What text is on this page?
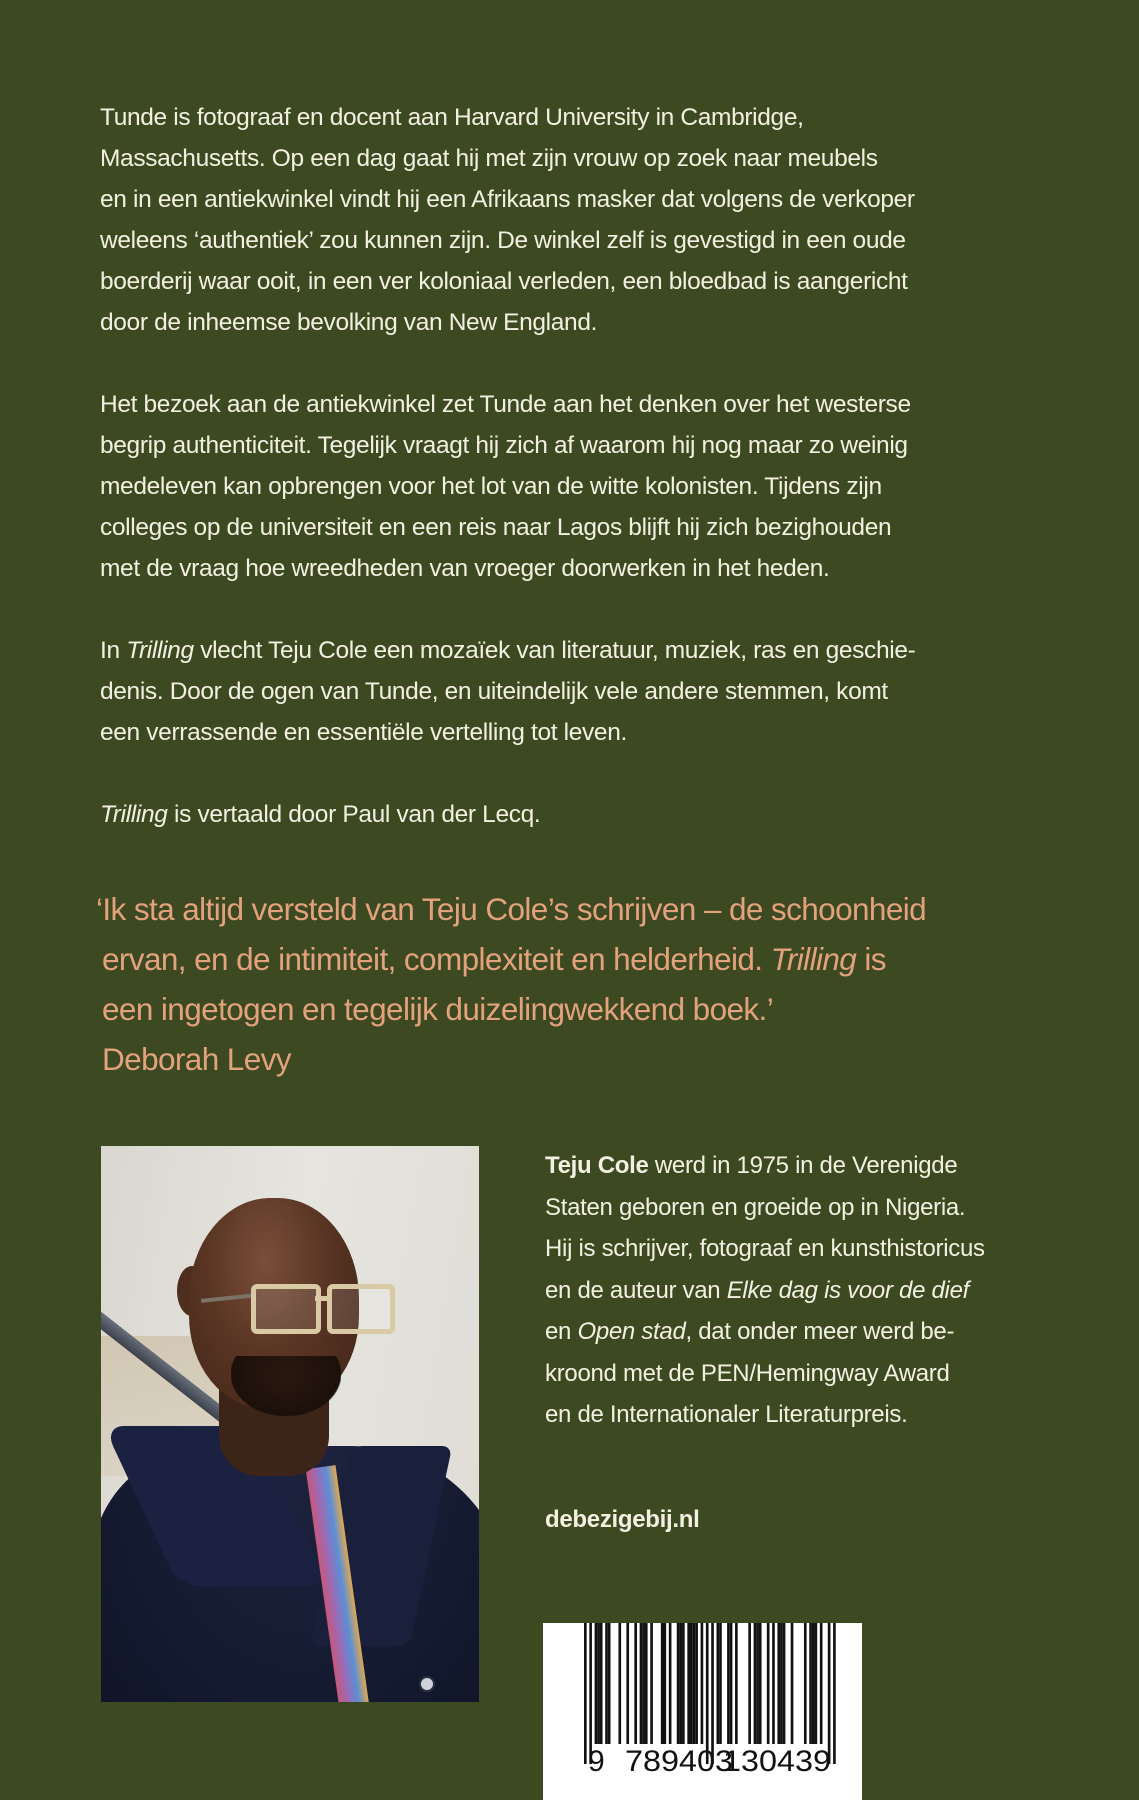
Tunde is fotograaf en docent aan Harvard University in Cambridge,
Massachusetts. Op een dag gaat hij met zijn vrouw op zoek naar meubels
en in een antiekwinkel vindt hij een Afrikaans masker dat volgens de verkoper
weleens ‘authentiek’ zou kunnen zijn. De winkel zelf is gevestigd in een oude
boerderij waar ooit, in een ver koloniaal verleden, een bloedbad is aangericht
door de inheemse bevolking van New England.

Het bezoek aan de antiekwinkel zet Tunde aan het denken over het westerse
begrip authenticiteit. Tegelijk vraagt hij zich af waarom hij nog maar zo weinig
medeleven kan opbrengen voor het lot van de witte kolonisten. Tijdens zijn
colleges op de universiteit en een reis naar Lagos blijft hij zich bezighouden
met de vraag hoe wreedheden van vroeger doorwerken in het heden.

In Trilling vlecht Teju Cole een mozaïek van literatuur, muziek, ras en geschie-
denis. Door de ogen van Tunde, en uiteindelijk vele andere stemmen, komt
een verrassende en essentiële vertelling tot leven.

Trilling is vertaald door Paul van der Lecq.

‘Ik sta altijd versteld van Teju Cole’s schrijven – de schoonheid
ervan, en de intimiteit, complexiteit en helderheid. Trilling is
een ingetogen en tegelijk duizelingwekkend boek.’
Deborah Levy
Teju Cole werd in 1975 in de Verenigde
Staten geboren en groeide op in Nigeria.
Hij is schrijver, fotograaf en kunsthistoricus
en de auteur van Elke dag is voor de dief
en Open stad, dat onder meer werd be-
kroond met de PEN/Hemingway Award
en de Internationaler Literaturpreis.
debezigebij.nl
9 789403
130439
